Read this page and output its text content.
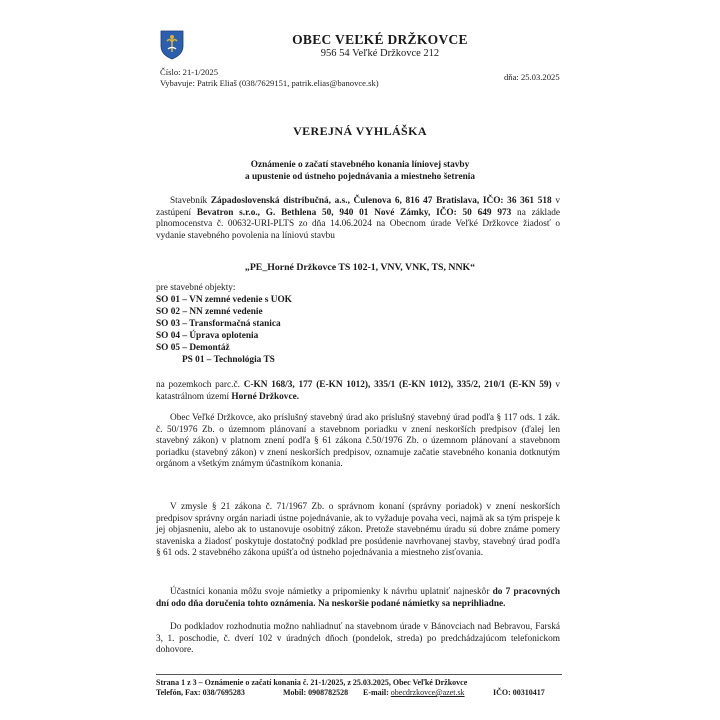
OBEC VEĽKÉ DRŽKOVCE
956 54 Veľké Držkovce 212
Číslo: 21-1/2025
Vybavuje: Patrik Eliaš (038/7629151, patrik.elias@banovce.sk)
dňa: 25.03.2025
VEREJNÁ VYHLÁŠKA
Oznámenie o začatí stavebného konania líniovej stavby
a upustenie od ústneho pojednávania a miestneho šetrenia
Stavebník Západoslovenská distribučná, a.s., Čulenova 6, 816 47 Bratislava, IČO: 36 361 518 v zastúpení Bevatron s.r.o., G. Bethlena 50, 940 01 Nové Zámky, IČO: 50 649 973 na základe plnomocenstva č. 00632-URI-PLTS zo dňa 14.06.2024 na Obecnom úrade Veľké Držkovce žiadosť o vydanie stavebného povolenia na líniovú stavbu
„PE_Horné Držkovce TS 102-1, VNV, VNK, TS, NNK“
pre stavebné objekty:
SO 01 – VN zemné vedenie s UOK
SO 02 – NN zemné vedenie
SO 03 – Transformačná stanica
SO 04 – Úprava oplotenia
SO 05 – Demontáž
PS 01 – Technológia TS
na pozemkoch parc.č. C-KN 168/3, 177 (E-KN 1012), 335/1 (E-KN 1012), 335/2, 210/1 (E-KN 59) v katastrálnom území Horné Držkovce.
Obec Veľké Držkovce, ako príslušný stavebný úrad ako príslušný stavebný úrad podľa § 117 ods. 1 zák. č. 50/1976 Zb. o územnom plánovaní a stavebnom poriadku v znení neskorších predpisov (ďalej len stavebný zákon) v platnom znení podľa § 61 zákona č.50/1976 Zb. o územnom plánovaní a stavebnom poriadku (stavebný zákon) v znení neskorších predpisov, oznamuje začatie stavebného konania dotknutým orgánom a všetkým známym účastníkom konania.
V zmysle § 21 zákona č. 71/1967 Zb. o správnom konaní (správny poriadok) v znení neskorších predpisov správny orgán nariadi ústne pojednávanie, ak to vyžaduje povaha veci, najmä ak sa tým prispeje k jej objasneniu, alebo ak to ustanovuje osobitný zákon. Pretože stavebnému úradu sú dobre známe pomery staveniska a žiadosť poskytuje dostatočný podklad pre posúdenie navrhovanej stavby, stavebný úrad podľa § 61 ods. 2 stavebného zákona upúšťa od ústneho pojednávania a miestneho zisťovania.
Účastníci konania môžu svoje námietky a pripomienky k návrhu uplatniť najneskôr do 7 pracovných dní odo dňa doručenia tohto oznámenia. Na neskoršie podané námietky sa neprihliadne.
Do podkladov rozhodnutia možno nahliadnuť na stavebnom úrade v Bánovciach nad Bebravou, Farská 3, 1. poschodie, č. dverí 102 v úradných dňoch (pondelok, streda) po predchádzajúcom telefonickom dohovore.
Strana 1 z 3 – Oznámenie o začatí konania č. 21-1/2025, z 25.03.2025, Obec Veľké Držkovce
Telefón, Fax: 038/7695283	Mobil: 0908782528 E-mail: obecdrzkovce@azet.sk	IČO: 00310417
